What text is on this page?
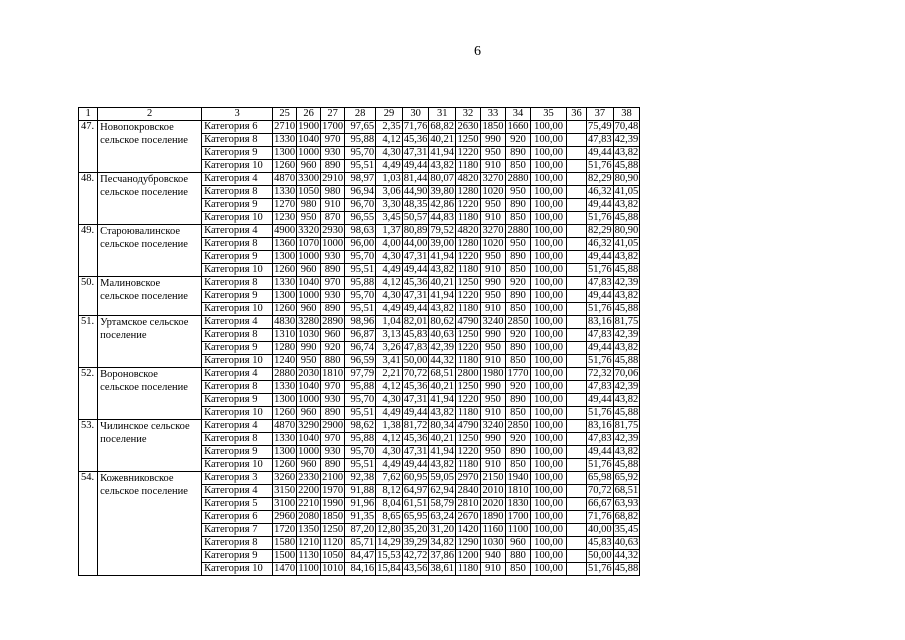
6
1	2	3	25	26	27	28	29	30	31	32	33	34	35	36	37	38
47.	Новопокровское сельское поселение	Категория 6	2710	1900	1700	97,65	2,35	71,76	68,82	2630	1850	1660	100,00		75,49	70,48
		Категория 8	1330	1040	970	95,88	4,12	45,36	40,21	1250	990	920	100,00		47,83	42,39
		Категория 9	1300	1000	930	95,70	4,30	47,31	41,94	1220	950	890	100,00		49,44	43,82
		Категория 10	1260	960	890	95,51	4,49	49,44	43,82	1180	910	850	100,00		51,76	45,88
48.	Песчанодубровское сельское поселение	Категория 4	4870	3300	2910	98,97	1,03	81,44	80,07	4820	3270	2880	100,00		82,29	80,90
		Категория 8	1330	1050	980	96,94	3,06	44,90	39,80	1280	1020	950	100,00		46,32	41,05
		Категория 9	1270	980	910	96,70	3,30	48,35	42,86	1220	950	890	100,00		49,44	43,82
		Категория 10	1230	950	870	96,55	3,45	50,57	44,83	1180	910	850	100,00		51,76	45,88
49.	Староювалинское сельское поселение	Категория 4	4900	3320	2930	98,63	1,37	80,89	79,52	4820	3270	2880	100,00		82,29	80,90
		Категория 8	1360	1070	1000	96,00	4,00	44,00	39,00	1280	1020	950	100,00		46,32	41,05
		Категория 9	1300	1000	930	95,70	4,30	47,31	41,94	1220	950	890	100,00		49,44	43,82
		Категория 10	1260	960	890	95,51	4,49	49,44	43,82	1180	910	850	100,00		51,76	45,88
50.	Малиновское сельское поселение	Категория 8	1330	1040	970	95,88	4,12	45,36	40,21	1250	990	920	100,00		47,83	42,39
		Категория 9	1300	1000	930	95,70	4,30	47,31	41,94	1220	950	890	100,00		49,44	43,82
		Категория 10	1260	960	890	95,51	4,49	49,44	43,82	1180	910	850	100,00		51,76	45,88
51.	Уртамское сельское поселение	Категория 4	4830	3280	2890	98,96	1,04	82,01	80,62	4790	3240	2850	100,00		83,16	81,75
		Категория 8	1310	1030	960	96,87	3,13	45,83	40,63	1250	990	920	100,00		47,83	42,39
		Категория 9	1280	990	920	96,74	3,26	47,83	42,39	1220	950	890	100,00		49,44	43,82
		Категория 10	1240	950	880	96,59	3,41	50,00	44,32	1180	910	850	100,00		51,76	45,88
52.	Вороновское сельское поселение	Категория 4	2880	2030	1810	97,79	2,21	70,72	68,51	2800	1980	1770	100,00		72,32	70,06
		Категория 8	1330	1040	970	95,88	4,12	45,36	40,21	1250	990	920	100,00		47,83	42,39
		Категория 9	1300	1000	930	95,70	4,30	47,31	41,94	1220	950	890	100,00		49,44	43,82
		Категория 10	1260	960	890	95,51	4,49	49,44	43,82	1180	910	850	100,00		51,76	45,88
53.	Чилинское сельское поселение	Категория 4	4870	3290	2900	98,62	1,38	81,72	80,34	4790	3240	2850	100,00		83,16	81,75
		Категория 8	1330	1040	970	95,88	4,12	45,36	40,21	1250	990	920	100,00		47,83	42,39
		Категория 9	1300	1000	930	95,70	4,30	47,31	41,94	1220	950	890	100,00		49,44	43,82
		Категория 10	1260	960	890	95,51	4,49	49,44	43,82	1180	910	850	100,00		51,76	45,88
54.	Кожевниковское сельское поселение	Категория 3	3260	2330	2100	92,38	7,62	60,95	59,05	2970	2150	1940	100,00		65,98	65,92
		Категория 4	3150	2200	1970	91,88	8,12	64,97	62,94	2840	2010	1810	100,00		70,72	68,51
		Категория 5	3100	2210	1990	91,96	8,04	61,51	58,79	2810	2020	1830	100,00		66,67	63,93
		Категория 6	2960	2080	1850	91,35	8,65	65,95	63,24	2670	1890	1700	100,00		71,76	68,82
		Категория 7	1720	1350	1250	87,20	12,80	35,20	31,20	1420	1160	1100	100,00		40,00	35,45
		Категория 8	1580	1210	1120	85,71	14,29	39,29	34,82	1290	1030	960	100,00		45,83	40,63
		Категория 9	1500	1130	1050	84,47	15,53	42,72	37,86	1200	940	880	100,00		50,00	44,32
		Категория 10	1470	1100	1010	84,16	15,84	43,56	38,61	1180	910	850	100,00		51,76	45,88
